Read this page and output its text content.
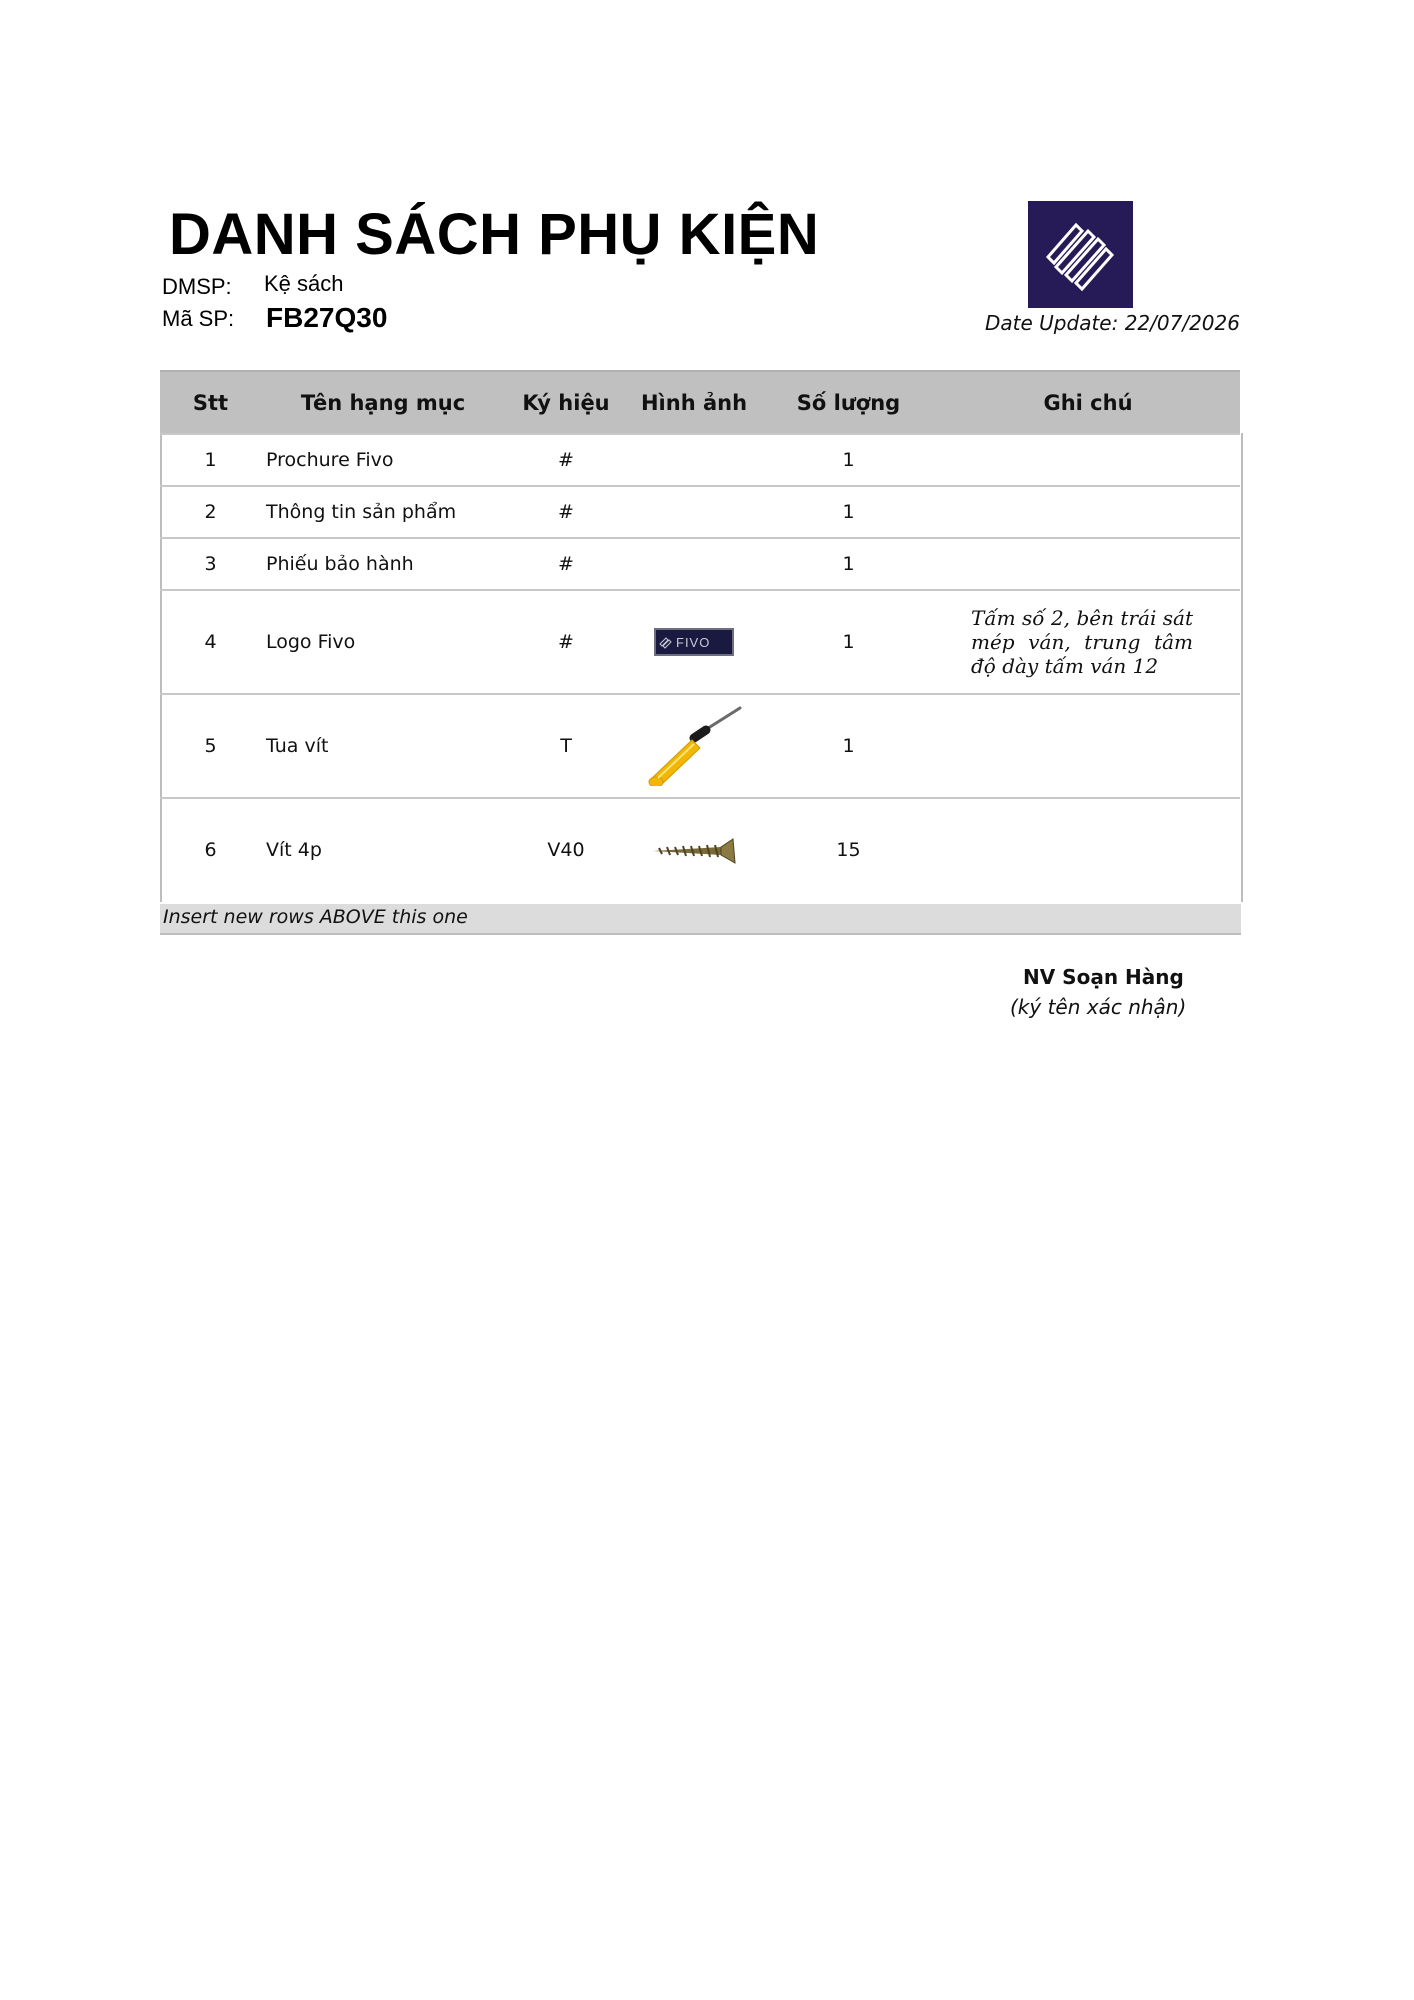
DANH SÁCH PHỤ KIỆN
DMSP: Kệ sách
Mã SP: FB27Q30	Date Update: 22/07/2026
Stt	Tên hạng mục	Ký hiệu	Hình ảnh	Số lượng	Ghi chú
1	Prochure Fivo	#		1	
2	Thông tin sản phẩm	#		1	
3	Phiếu bảo hành	#		1	
4	Logo Fivo	#	FIVO	1	Tấm số 2, bên trái sát mép ván, trung tâm độ dày tấm ván 12

5	Tua vít	T		1	
6	Vít 4p	V40		15	
Insert new rows ABOVE this one
NV Soạn Hàng
(ký tên xác nhận)
